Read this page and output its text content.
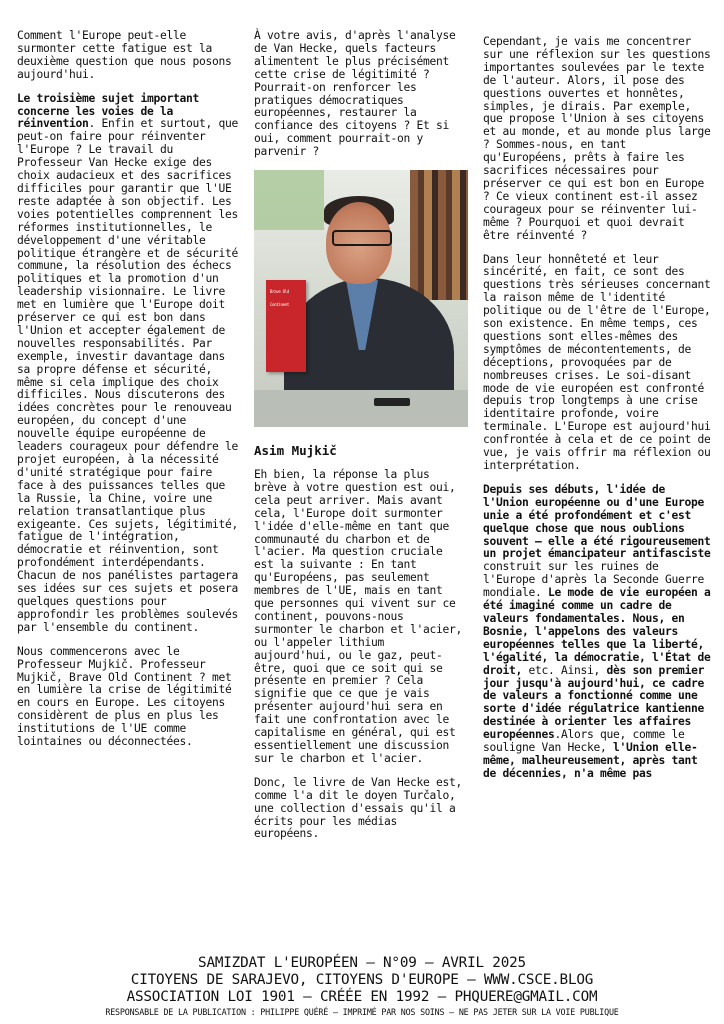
Comment l'Europe peut-elle surmonter cette fatigue est la deuxième question que nous posons aujourd'hui.

Le troisième sujet important concerne les voies de la réinvention. Enfin et surtout, que peut-on faire pour réinventer l'Europe ? Le travail du Professeur Van Hecke exige des choix audacieux et des sacrifices difficiles pour garantir que l'UE reste adaptée à son objectif. Les voies potentielles comprennent les réformes institutionnelles, le développement d'une véritable politique étrangère et de sécurité commune, la résolution des échecs politiques et la promotion d'un leadership visionnaire. Le livre met en lumière que l'Europe doit préserver ce qui est bon dans l'Union et accepter également de nouvelles responsabilités. Par exemple, investir davantage dans sa propre défense et sécurité, même si cela implique des choix difficiles. Nous discuterons des idées concrètes pour le renouveau européen, du concept d'une nouvelle équipe européenne de leaders courageux pour défendre le projet européen, à la nécessité d'unité stratégique pour faire face à des puissances telles que la Russie, la Chine, voire une relation transatlantique plus exigeante. Ces sujets, légitimité, fatigue de l'intégration, démocratie et réinvention, sont profondément interdépendants. Chacun de nos panélistes partagera ses idées sur ces sujets et posera quelques questions pour approfondir les problèmes soulevés par l'ensemble du continent.

Nous commencerons avec le Professeur Mujkič. Professeur Mujkič, Brave Old Continent ? met en lumière la crise de légitimité en cours en Europe. Les citoyens considèrent de plus en plus les institutions de l'UE comme lointaines ou déconnectées.

À votre avis, d'après l'analyse de Van Hecke, quels facteurs alimentent le plus précisément cette crise de légitimité ? Pourrait-on renforcer les pratiques démocratiques européennes, restaurer la confiance des citoyens ? Et si oui, comment pourrait-on y parvenir ?

Brave Old Continent

Asim Mujkič

Eh bien, la réponse la plus brève à votre question est oui, cela peut arriver. Mais avant cela, l'Europe doit surmonter l'idée d'elle-même en tant que communauté du charbon et de l'acier. Ma question cruciale est la suivante : En tant qu'Européens, pas seulement membres de l'UE, mais en tant que personnes qui vivent sur ce continent, pouvons-nous surmonter le charbon et l'acier, ou l'appeler lithium aujourd'hui, ou le gaz, peut-être, quoi que ce soit qui se présente en premier ? Cela signifie que ce que je vais présenter aujourd'hui sera en fait une confrontation avec le capitalisme en général, qui est essentiellement une discussion sur le charbon et l'acier.

Donc, le livre de Van Hecke est, comme l'a dit le doyen Turčalo, une collection d'essais qu'il a écrits pour les médias européens.

Cependant, je vais me concentrer sur une réflexion sur les questions importantes soulevées par le texte de l'auteur. Alors, il pose des questions ouvertes et honnêtes, simples, je dirais. Par exemple, que propose l'Union à ses citoyens et au monde, et au monde plus large ? Sommes-nous, en tant qu'Européens, prêts à faire les sacrifices nécessaires pour préserver ce qui est bon en Europe ? Ce vieux continent est-il assez courageux pour se réinventer lui-même ? Pourquoi et quoi devrait être réinventé ?

Dans leur honnêteté et leur sincérité, en fait, ce sont des questions très sérieuses concernant la raison même de l'identité politique ou de l'être de l'Europe, son existence. En même temps, ces questions sont elles-mêmes des symptômes de mécontentements, de déceptions, provoquées par de nombreuses crises. Le soi-disant mode de vie européen est confronté depuis trop longtemps à une crise identitaire profonde, voire terminale. L'Europe est aujourd'hui confrontée à cela et de ce point de vue, je vais offrir ma réflexion ou interprétation.

Depuis ses débuts, l'idée de l'Union européenne ou d'une Europe unie a été profondément et c'est quelque chose que nous oublions souvent – elle a été rigoureusement un projet émancipateur antifasciste construit sur les ruines de l'Europe d'après la Seconde Guerre mondiale. Le mode de vie européen a été imaginé comme un cadre de valeurs fondamentales. Nous, en Bosnie, l'appelons des valeurs européennes telles que la liberté, l'égalité, la démocratie, l'État de droit, etc. Ainsi, dès son premier jour jusqu'à aujourd'hui, ce cadre de valeurs a fonctionné comme une sorte d'idée régulatrice kantienne destinée à orienter les affaires européennes.Alors que, comme le souligne Van Hecke, l'Union elle-même, malheureusement, après tant de décennies, n'a même pas

SAMIZDAT L'EUROPÉEN – N°09 – AVRIL 2025
CITOYENS DE SARAJEVO, CITOYENS D'EUROPE – WWW.CSCE.BLOG
ASSOCIATION LOI 1901 – CRÉÉE EN 1992 – PHQUERE@GMAIL.COM
RESPONSABLE DE LA PUBLICATION : PHILIPPE QUÉRÉ – IMPRIMÉ PAR NOS SOINS – NE PAS JETER SUR LA VOIE PUBLIQUE
